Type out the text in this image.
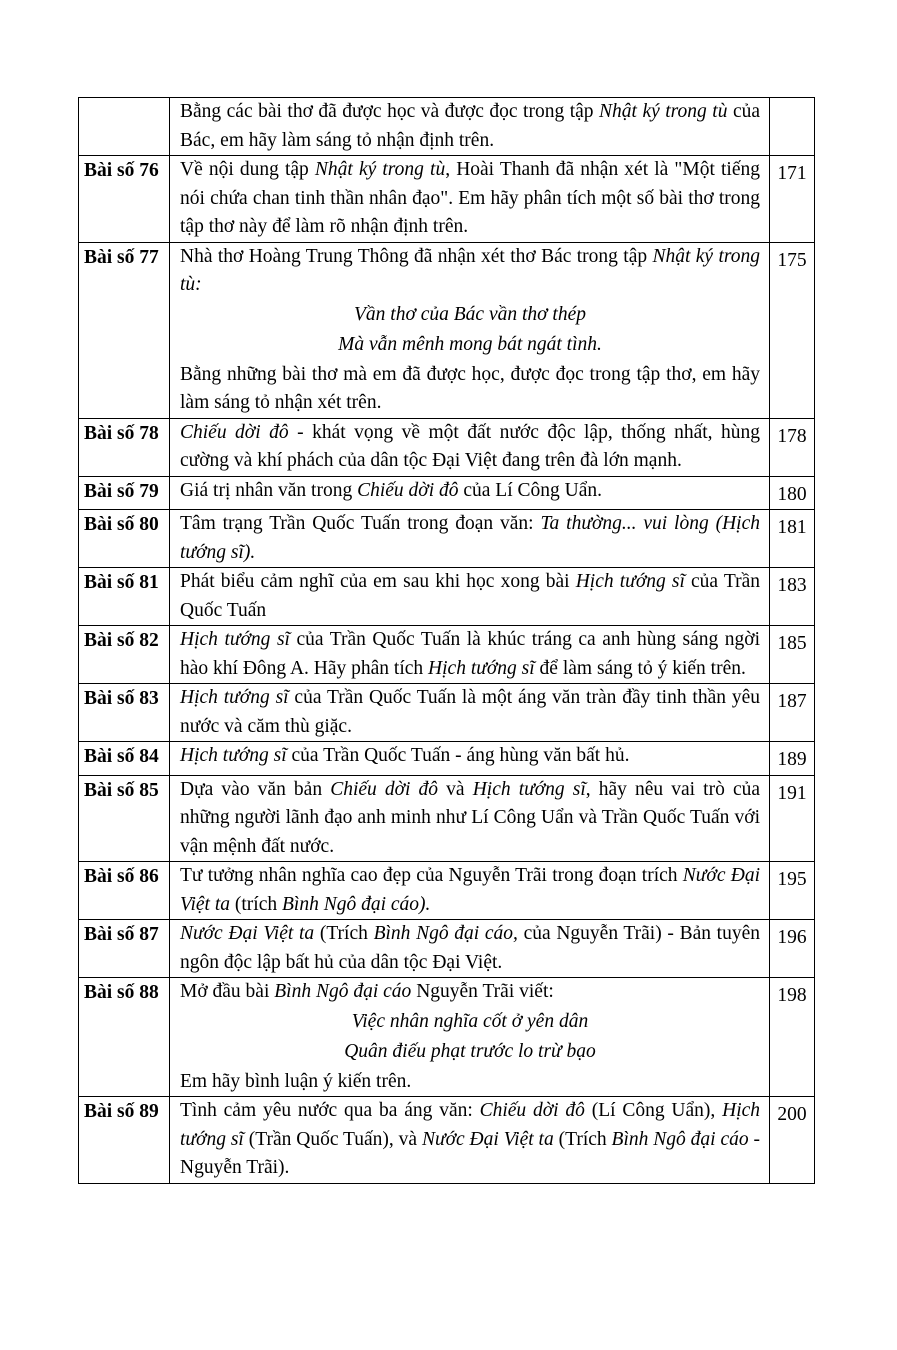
	Bằng các bài thơ đã được học và được đọc trong tập Nhật ký trong tù của Bác, em hãy làm sáng tỏ nhận định trên.	

Bài số 76	Về nội dung tập Nhật ký trong tù, Hoài Thanh đã nhận xét là "Một tiếng nói chứa chan tinh thần nhân đạo". Em hãy phân tích một số bài thơ trong tập thơ này để làm rõ nhận định trên.	171
Bài số 77	Nhà thơ Hoàng Trung Thông đã nhận xét thơ Bác trong tập Nhật ký trong tù:

Vần thơ của Bác vần thơ thép

Mà vẫn mênh mong bát ngát tình.

Bằng những bài thơ mà em đã được học, được đọc trong tập thơ, em hãy làm sáng tỏ nhận xét trên.	175
Bài số 78	Chiếu dời đô - khát vọng về một đất nước độc lập, thống nhất, hùng cường và khí phách của dân tộc Đại Việt đang trên đà lớn mạnh.	178
Bài số 79	Giá trị nhân văn trong Chiếu dời đô của Lí Công Uẩn.	180
Bài số 80	Tâm trạng Trần Quốc Tuấn trong đoạn văn: Ta thường... vui lòng (Hịch tướng sĩ).	181
Bài số 81	Phát biểu cảm nghĩ của em sau khi học xong bài Hịch tướng sĩ của Trần Quốc Tuấn	183
Bài số 82	Hịch tướng sĩ của Trần Quốc Tuấn là khúc tráng ca anh hùng sáng ngời hào khí Đông A. Hãy phân tích Hịch tướng sĩ để làm sáng tỏ ý kiến trên.	185
Bài số 83	Hịch tướng sĩ của Trần Quốc Tuấn là một áng văn tràn đầy tinh thần yêu nước và căm thù giặc.	187
Bài số 84	Hịch tướng sĩ của Trần Quốc Tuấn - áng hùng văn bất hủ.	189
Bài số 85	Dựa vào văn bản Chiếu dời đô và Hịch tướng sĩ, hãy nêu vai trò của những người lãnh đạo anh minh như Lí Công Uẩn và Trần Quốc Tuấn với vận mệnh đất nước.	191
Bài số 86	Tư tưởng nhân nghĩa cao đẹp của Nguyễn Trãi trong đoạn trích Nước Đại Việt ta (trích Bình Ngô đại cáo).	195
Bài số 87	Nước Đại Việt ta (Trích Bình Ngô đại cáo, của Nguyễn Trãi) - Bản tuyên ngôn độc lập bất hủ của dân tộc Đại Việt.	196
Bài số 88	Mở đầu bài Bình Ngô đại cáo Nguyễn Trãi viết:

Việc nhân nghĩa cốt ở yên dân

Quân điếu phạt trước lo trừ bạo

Em hãy bình luận ý kiến trên.	198
Bài số 89	Tình cảm yêu nước qua ba áng văn: Chiếu dời đô (Lí Công Uẩn), Hịch tướng sĩ (Trần Quốc Tuấn), và Nước Đại Việt ta (Trích Bình Ngô đại cáo - Nguyễn Trãi).	200
